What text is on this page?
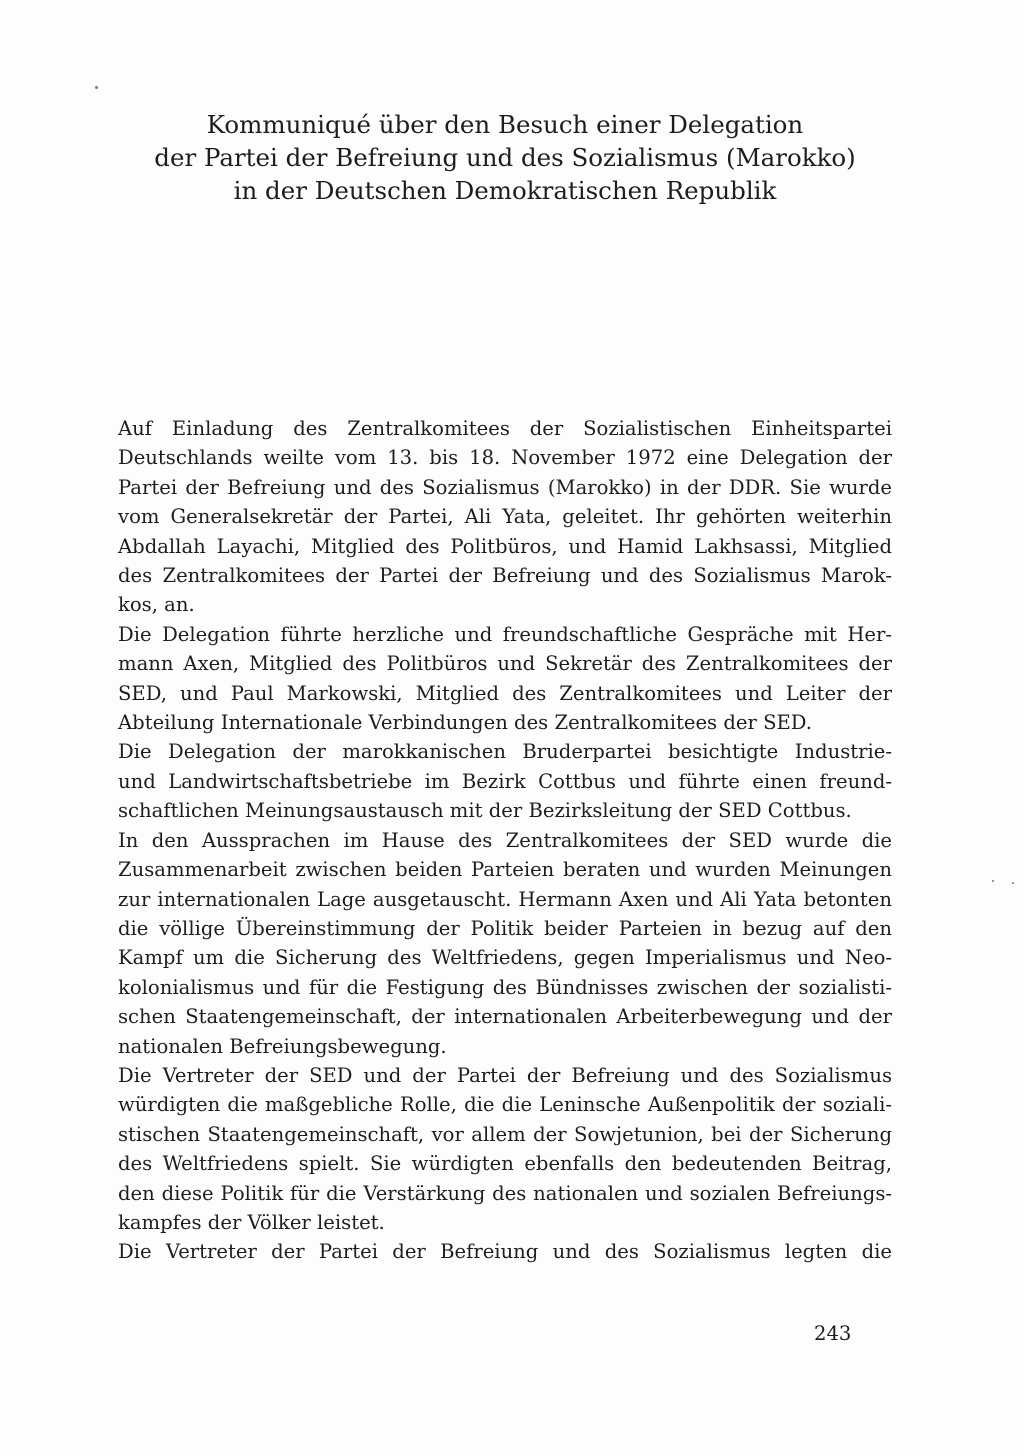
Kommuniqué über den Besuch einer Delegation
der Partei der Befreiung und des Sozialismus (Marokko)
in der Deutschen Demokratischen Republik

Auf Einladung des Zentralkomitees der Sozialistischen Einheitspartei
Deutschlands weilte vom 13. bis 18. November 1972 eine Delegation der
Partei der Befreiung und des Sozialismus (Marokko) in der DDR. Sie wurde
vom Generalsekretär der Partei, Ali Yata, geleitet. Ihr gehörten weiterhin
Abdallah Layachi, Mitglied des Politbüros, und Hamid Lakhsassi, Mitglied
des Zentralkomitees der Partei der Befreiung und des Sozialismus Marok-
kos, an.

Die Delegation führte herzliche und freundschaftliche Gespräche mit Her-
mann Axen, Mitglied des Politbüros und Sekretär des Zentralkomitees der
SED, und Paul Markowski, Mitglied des Zentralkomitees und Leiter der
Abteilung Internationale Verbindungen des Zentralkomitees der SED.

Die Delegation der marokkanischen Bruderpartei besichtigte Industrie-
und Landwirtschaftsbetriebe im Bezirk Cottbus und führte einen freund-
schaftlichen Meinungsaustausch mit der Bezirksleitung der SED Cottbus.

In den Aussprachen im Hause des Zentralkomitees der SED wurde die
Zusammenarbeit zwischen beiden Parteien beraten und wurden Meinungen
zur internationalen Lage ausgetauscht. Hermann Axen und Ali Yata betonten
die völlige Übereinstimmung der Politik beider Parteien in bezug auf den
Kampf um die Sicherung des Weltfriedens, gegen Imperialismus und Neo-
kolonialismus und für die Festigung des Bündnisses zwischen der sozialisti-
schen Staatengemeinschaft, der internationalen Arbeiterbewegung und der
nationalen Befreiungsbewegung.

Die Vertreter der SED und der Partei der Befreiung und des Sozialismus
würdigten die maßgebliche Rolle, die die Leninsche Außenpolitik der soziali-
stischen Staatengemeinschaft, vor allem der Sowjetunion, bei der Sicherung
des Weltfriedens spielt. Sie würdigten ebenfalls den bedeutenden Beitrag,
den diese Politik für die Verstärkung des nationalen und sozialen Befreiungs-
kampfes der Völker leistet.

Die Vertreter der Partei der Befreiung und des Sozialismus legten die

243
